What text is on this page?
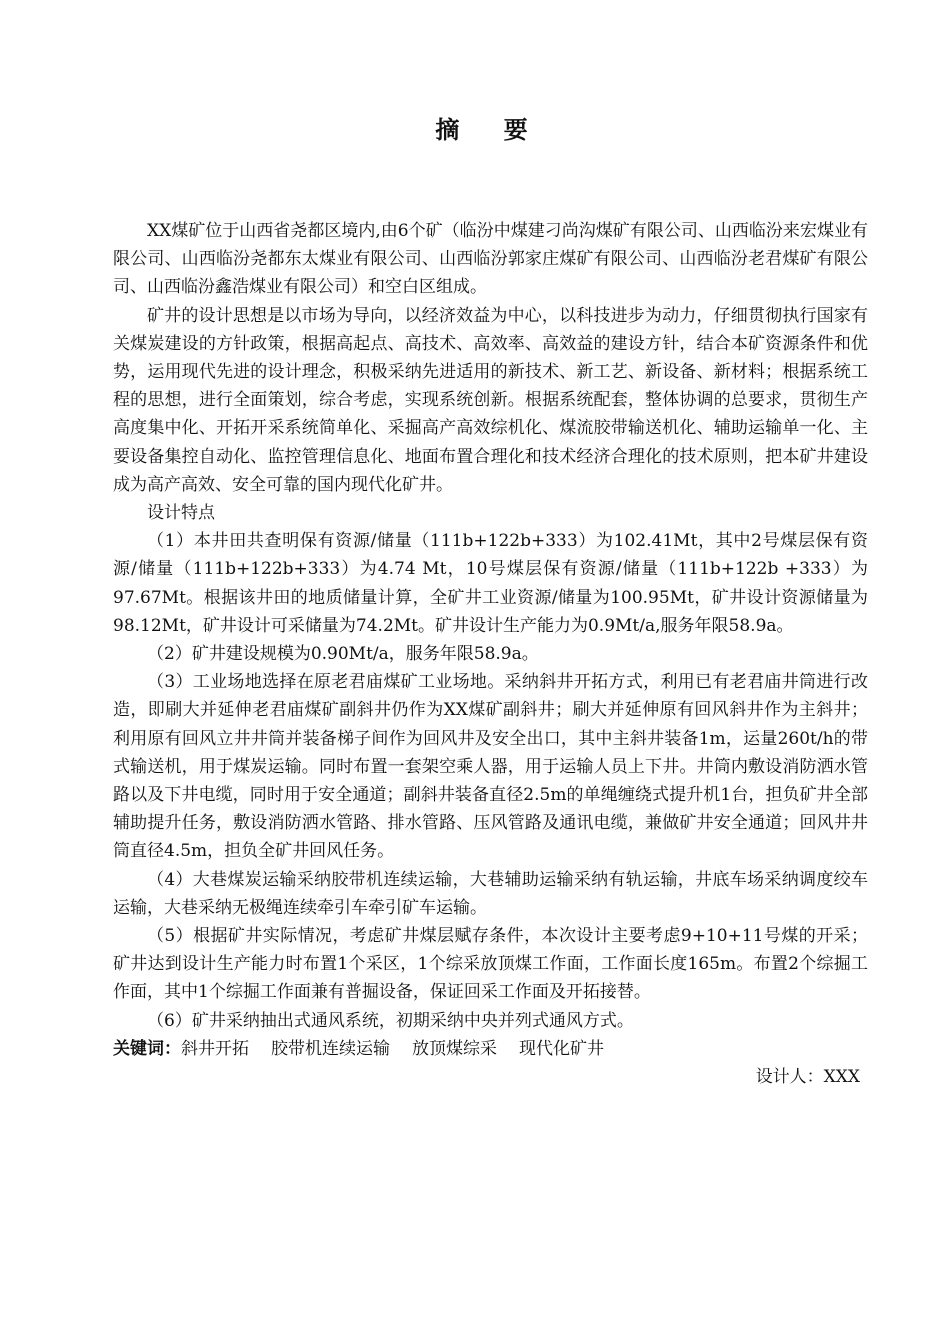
摘 要

XX煤矿位于山西省尧都区境内,由6个矿（临汾中煤建刁尚沟煤矿有限公司、山西临汾来宏煤业有限公司、山西临汾尧都东太煤业有限公司、山西临汾郭家庄煤矿有限公司、山西临汾老君煤矿有限公司、山西临汾鑫浩煤业有限公司）和空白区组成。

矿井的设计思想是以市场为导向，以经济效益为中心，以科技进步为动力，仔细贯彻执行国家有关煤炭建设的方针政策，根据高起点、高技术、高效率、高效益的建设方针，结合本矿资源条件和优势，运用现代先进的设计理念，积极采纳先进适用的新技术、新工艺、新设备、新材料；根据系统工程的思想，进行全面策划，综合考虑，实现系统创新。根据系统配套，整体协调的总要求，贯彻生产高度集中化、开拓开采系统简单化、采掘高产高效综机化、煤流胶带输送机化、辅助运输单一化、主要设备集控自动化、监控管理信息化、地面布置合理化和技术经济合理化的技术原则，把本矿井建设成为高产高效、安全可靠的国内现代化矿井。

设计特点

（1）本井田共查明保有资源/储量（111b+122b+333）为102.41Mt，其中2号煤层保有资源/储量（111b+122b+333）为4.74 Mt，10号煤层保有资源/储量（111b+122b +333）为97.67Mt。根据该井田的地质储量计算，全矿井工业资源/储量为100.95Mt，矿井设计资源储量为98.12Mt，矿井设计可采储量为74.2Mt。矿井设计生产能力为0.9Mt/a,服务年限58.9a。

（2）矿井建设规模为0.90Mt/a，服务年限58.9a。

（3）工业场地选择在原老君庙煤矿工业场地。采纳斜井开拓方式，利用已有老君庙井筒进行改造，即刷大并延伸老君庙煤矿副斜井仍作为XX煤矿副斜井；刷大并延伸原有回风斜井作为主斜井；利用原有回风立井井筒并装备梯子间作为回风井及安全出口，其中主斜井装备1m，运量260t/h的带式输送机，用于煤炭运输。同时布置一套架空乘人器，用于运输人员上下井。井筒内敷设消防洒水管路以及下井电缆，同时用于安全通道；副斜井装备直径2.5m的单绳缠绕式提升机1台，担负矿井全部辅助提升任务，敷设消防洒水管路、排水管路、压风管路及通讯电缆，兼做矿井安全通道；回风井井筒直径4.5m，担负全矿井回风任务。

（4）大巷煤炭运输采纳胶带机连续运输，大巷辅助运输采纳有轨运输，井底车场采纳调度绞车运输，大巷采纳无极绳连续牵引车牵引矿车运输。

（5）根据矿井实际情况，考虑矿井煤层赋存条件，本次设计主要考虑9+10+11号煤的开采；矿井达到设计生产能力时布置1个采区，1个综采放顶煤工作面，工作面长度165m。布置2个综掘工作面，其中1个综掘工作面兼有普掘设备，保证回采工作面及开拓接替。

（6）矿井采纳抽出式通风系统，初期采纳中央并列式通风方式。

关键词：斜井开拓 胶带机连续运输 放顶煤综采 现代化矿井
设计人：XXX
